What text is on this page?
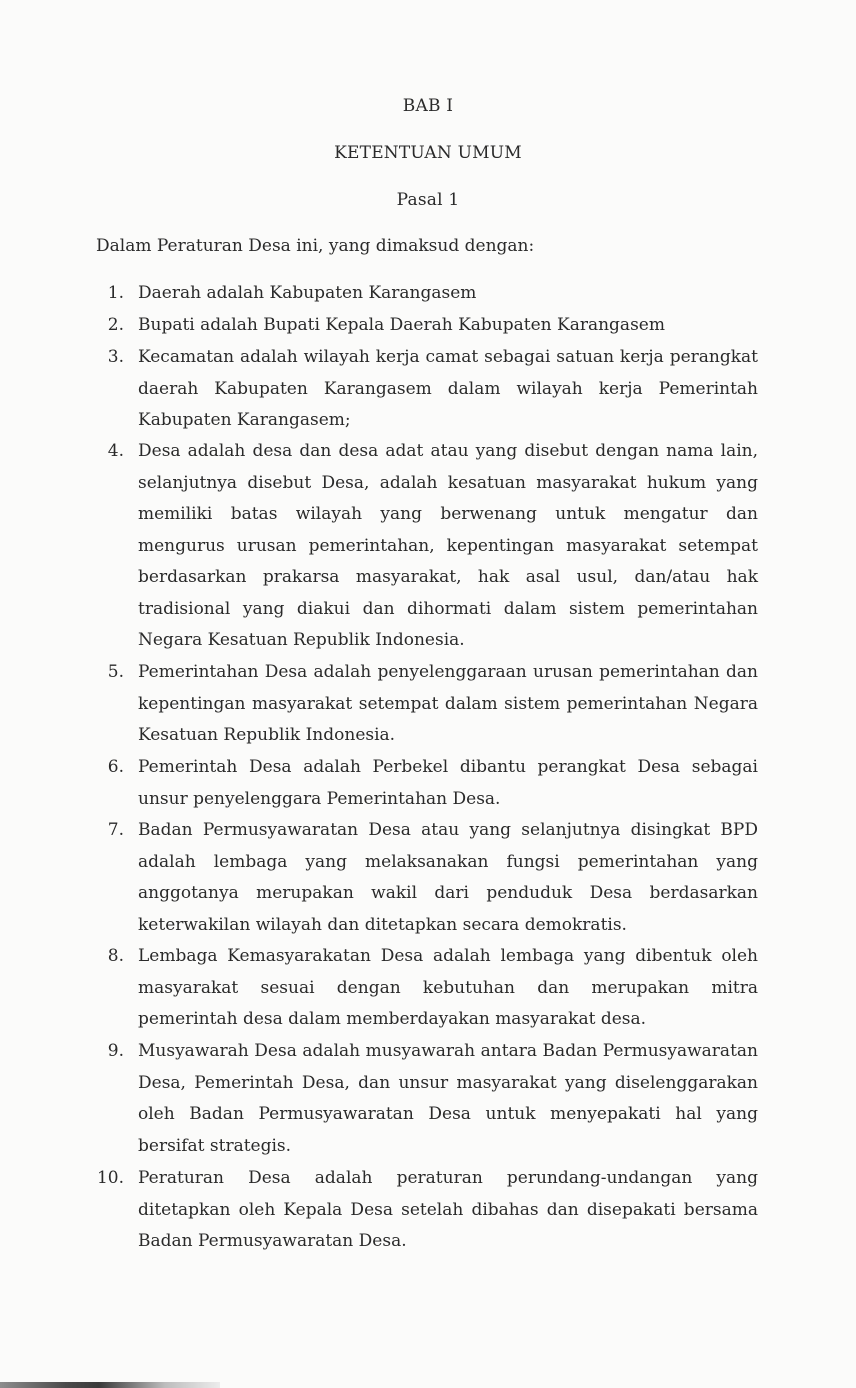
BAB I
KETENTUAN UMUM
Pasal 1
Dalam Peraturan Desa ini, yang dimaksud dengan:
1. Daerah adalah Kabupaten Karangasem
2. Bupati adalah Bupati Kepala Daerah Kabupaten Karangasem
3. Kecamatan adalah wilayah kerja camat sebagai satuan kerja perangkat daerah Kabupaten Karangasem dalam wilayah kerja Pemerintah Kabupaten Karangasem;
4. Desa adalah desa dan desa adat atau yang disebut dengan nama lain, selanjutnya disebut Desa, adalah kesatuan masyarakat hukum yang memiliki batas wilayah yang berwenang untuk mengatur dan mengurus urusan pemerintahan, kepentingan masyarakat setempat berdasarkan prakarsa masyarakat, hak asal usul, dan/atau hak tradisional yang diakui dan dihormati dalam sistem pemerintahan Negara Kesatuan Republik Indonesia.
5. Pemerintahan Desa adalah penyelenggaraan urusan pemerintahan dan kepentingan masyarakat setempat dalam sistem pemerintahan Negara Kesatuan Republik Indonesia.
6. Pemerintah Desa adalah Perbekel dibantu perangkat Desa sebagai unsur penyelenggara Pemerintahan Desa.
7. Badan Permusyawaratan Desa atau yang selanjutnya disingkat BPD adalah lembaga yang melaksanakan fungsi pemerintahan yang anggotanya merupakan wakil dari penduduk Desa berdasarkan keterwakilan wilayah dan ditetapkan secara demokratis.
8. Lembaga Kemasyarakatan Desa adalah lembaga yang dibentuk oleh masyarakat sesuai dengan kebutuhan dan merupakan mitra pemerintah desa dalam memberdayakan masyarakat desa.
9. Musyawarah Desa adalah musyawarah antara Badan Permusyawaratan Desa, Pemerintah Desa, dan unsur masyarakat yang diselenggarakan oleh Badan Permusyawaratan Desa untuk menyepakati hal yang bersifat strategis.
10. Peraturan Desa adalah peraturan perundang-undangan yang ditetapkan oleh Kepala Desa setelah dibahas dan disepakati bersama Badan Permusyawaratan Desa.
